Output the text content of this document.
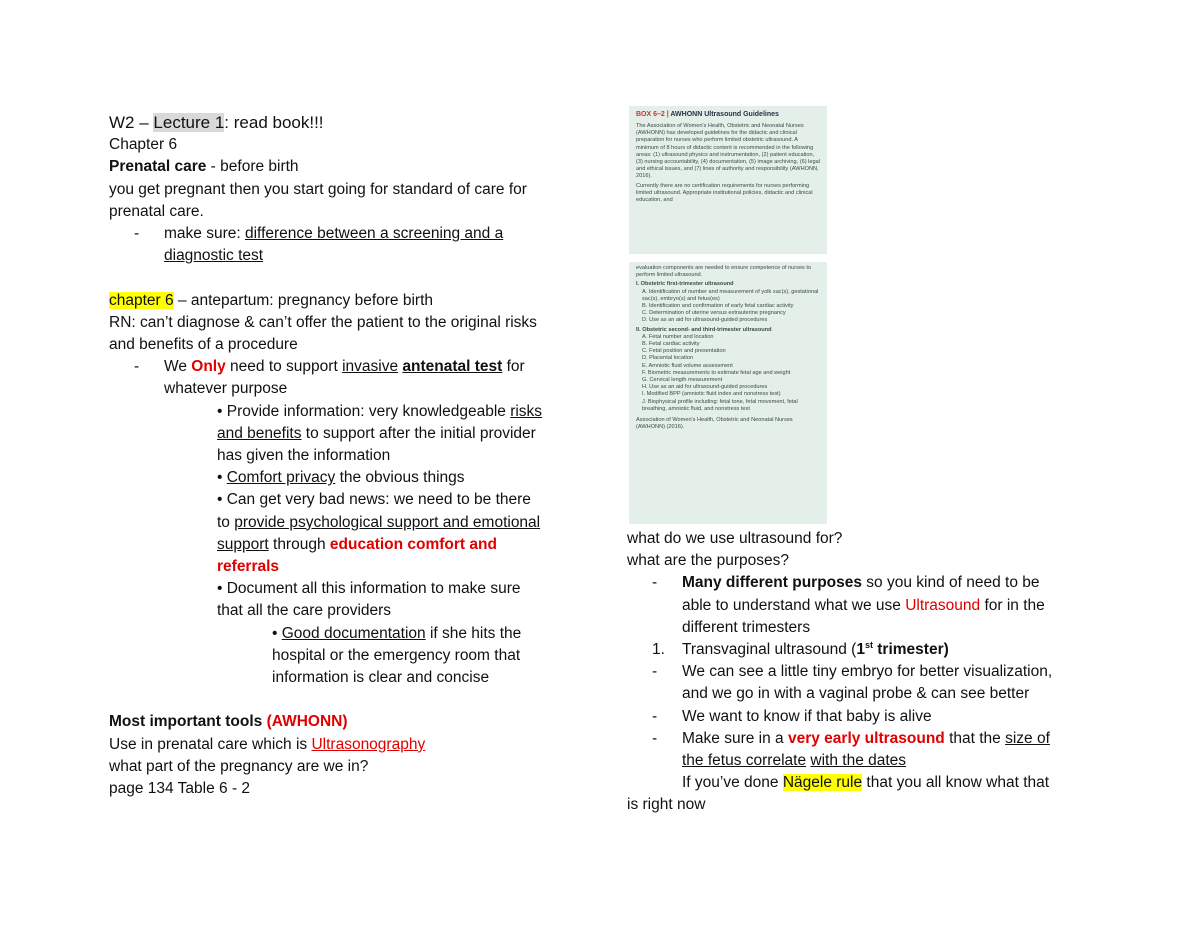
W2 – Lecture 1: read book!!!
Chapter 6
Prenatal care - before birth
you get pregnant then you start going for standard of care for
prenatal care.
- make sure: difference between a screening and a
diagnostic test
chapter 6 – antepartum: pregnancy before birth
RN: can’t diagnose & can’t offer the patient to the original risks
and benefits of a procedure
- We Only need to support invasive antenatal test for
whatever purpose
• Provide information: very knowledgeable risks
and benefits to support after the initial provider
has given the information
• Comfort privacy the obvious things
• Can get very bad news: we need to be there
to provide psychological support and emotional
support through education comfort and
referrals
• Document all this information to make sure
that all the care providers
• Good documentation if she hits the
hospital or the emergency room that
information is clear and concise
Most important tools (AWHONN)
Use in prenatal care which is Ultrasonography
what part of the pregnancy are we in?
page 134 Table 6 - 2
BOX 6–2 | AWHONN Ultrasound Guidelines
The Association of Women's Health, Obstetric and Neonatal Nurses (AWHONN) has developed guidelines for the didactic and clinical preparation for nurses who perform limited obstetric ultrasound. A minimum of 8 hours of didactic content is recommended in the following areas: (1) ultrasound physics and instrumentation, (2) patient education, (3) nursing accountability, (4) documentation, (5) image archiving, (6) legal and ethical issues, and (7) lines of authority and responsibility (AWHONN, 2016).
Currently there are no certification requirements for nurses performing limited ultrasound. Appropriate institutional policies, didactic and clinical education, and
evaluation components are needed to ensure competence of nurses to perform limited ultrasound.
I. Obstetric first-trimester ultrasound
A. Identification of number and measurement of yolk sac(s), gestational sac(s), embryo(s) and fetus(es)
B. Identification and confirmation of early fetal cardiac activity
C. Determination of uterine versus extrauterine pregnancy
D. Use as an aid for ultrasound-guided procedures
II. Obstetric second- and third-trimester ultrasound
A. Fetal number and location
B. Fetal cardiac activity
C. Fetal position and presentation
D. Placental location
E. Amniotic fluid volume assessment
F. Biometric measurements to estimate fetal age and weight
G. Cervical length measurement
H. Use as an aid for ultrasound-guided procedures
I. Modified BPP (amniotic fluid index and nonstress test)
J. Biophysical profile including: fetal tone, fetal movement, fetal breathing, amniotic fluid, and nonstress test
Association of Women's Health, Obstetric and Neonatal Nurses (AWHONN) (2016).
what do we use ultrasound for?
what are the purposes?
- Many different purposes so you kind of need to be
able to understand what we use Ultrasound for in the
different trimesters
1. Transvaginal ultrasound (1st trimester)
- We can see a little tiny embryo for better visualization,
and we go in with a vaginal probe & can see better
- We want to know if that baby is alive
- Make sure in a very early ultrasound that the size of
the fetus correlate with the dates
If you’ve done Nägele rule that you all know what that
is right now
